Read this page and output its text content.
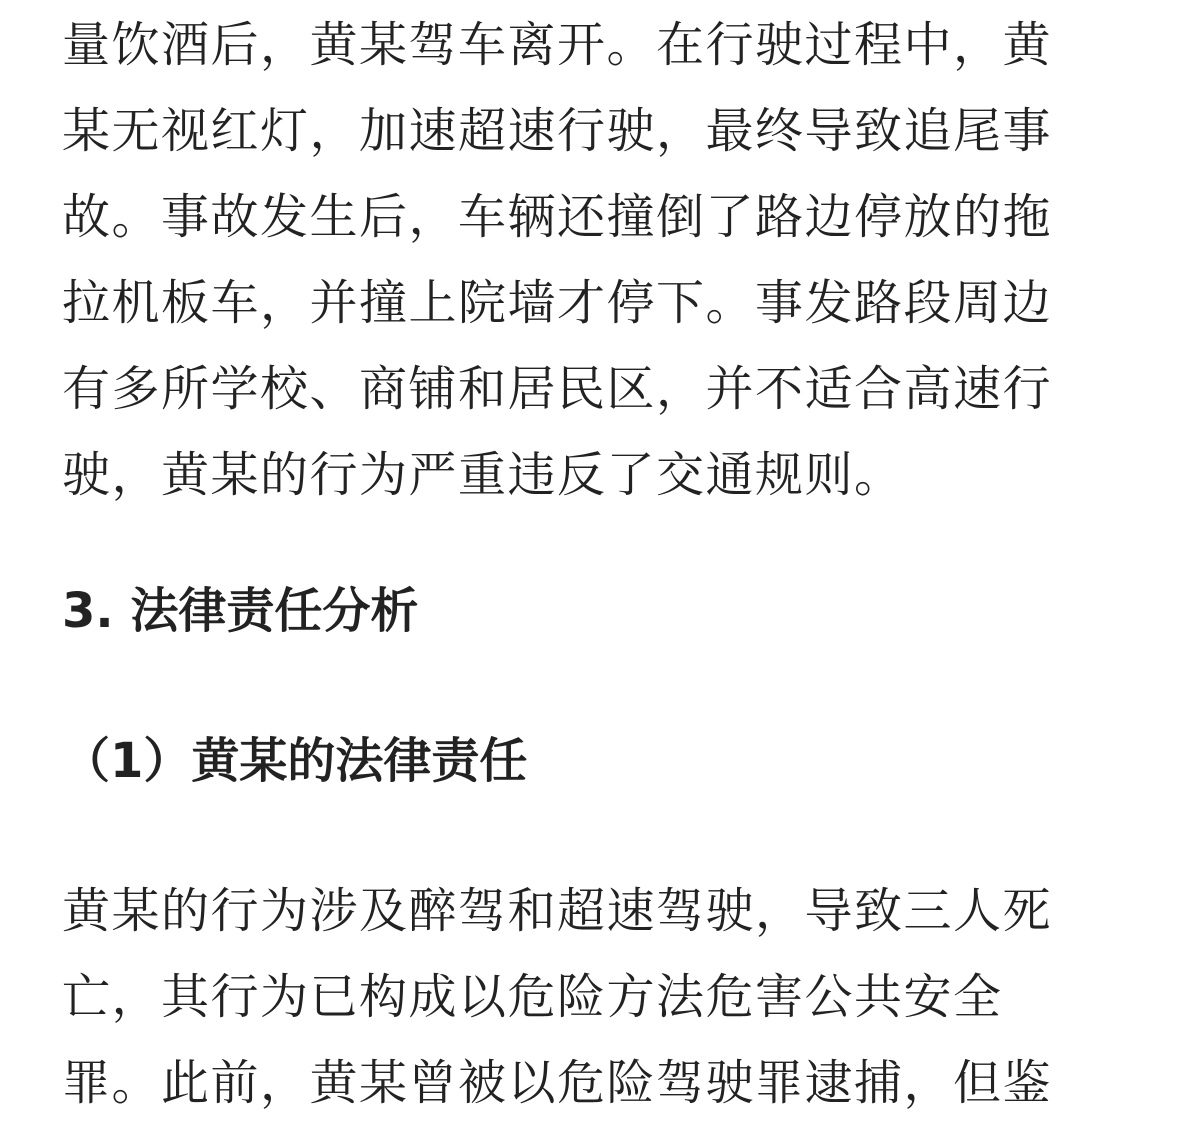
量饮酒后，黄某驾车离开。在行驶过程中，黄
某无视红灯，加速超速行驶，最终导致追尾事
故。事故发生后，车辆还撞倒了路边停放的拖
拉机板车，并撞上院墙才停下。事发路段周边
有多所学校、商铺和居民区，并不适合高速行
驶，黄某的行为严重违反了交通规则。

3. 法律责任分析
（1）黄某的法律责任

黄某的行为涉及醉驾和超速驾驶，导致三人死
亡，其行为已构成以危险方法危害公共安全
罪。此前，黄某曾被以危险驾驶罪逮捕，但鉴
